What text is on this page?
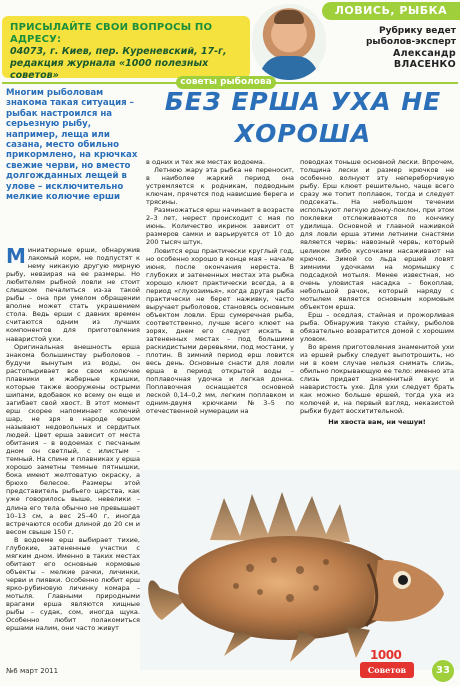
ЛОВИСЬ, РЫБКА
ПРИСЫЛАЙТЕ СВОИ ВОПРОСЫ ПО АДРЕСУ:
04073, г. Киев, пер. Куреневский, 17-г, редакция журнала «1000 полезных советов»
Рубрику ведет рыболов-эксперт
Александр ВЛАСЕНКО
советы рыболова
Многим рыболовам знакома такая ситуация – рыбак настроился на серьезную рыбу, например, леща или сазана, место обильно прикормлено, на крючках свежие черви, но вместо долгожданных лещей в улове – исключительно мелкие колючие ерши
БЕЗ ЕРША УХА НЕ ХОРОША

Миниатюрные ерши, обнаружив лакомый корм, не подпустят к нему никакую другую мирную рыбу, невзирая на ее размеры. Но любителям рыбной ловли не стоит слишком печалиться из-за такой рыбы – она при умелом обращении вполне может стать украшением стола. Ведь ерши с давних времен считаются одним из лучших компонентов для приготовления наваристой ухи.

Оригинальная внешность ерша знакома большинству рыболовов – будучи вынутым из воды, он растопыривает все свои колючие плавники и жаберные крышки, которые также вооружены острыми шипами, вдобавок ко всему он еще и загибает свой хвост. В этот момент ерш скорее напоминает колючий шар, не зря в народе ершом называют недовольных и сердитых людей. Цвет ерша зависит от места обитания – в водоемах с песчаным дном он светлый, с илистым – темный. На спине и плавниках у ерша хорошо заметны темные пятнышки, бока имеют желтоватую окраску, а брюхо белесое. Размеры этой представитель рыбьего царства, как уже говорилось выше, невелики – длина его тела обычно не превышает 10–13 см, а вес 25–40 г, иногда встречаются особи длиной до 20 см и весом свыше 150 г.

В водоеме ерш выбирает тихие, глубокие, затененные участки с мягким дном. Именно в таких местах обитают его основные кормовые объекты – мелкие рачки, личинки, черви и пиявки. Особенно любит ерш ярко-рубиновую личинку комара – мотыля. Главными природными врагами ерша являются хищные рыбы – судак, сом, иногда щука. Особенно любит полакомиться ершами налим, они часто живут

в одних и тех же местах водоема.

Летнюю жару эта рыбка не переносит, в наиболее жаркий период она устремляется к родникам, подводным ключам, прячется под нависшие берега и трясины.

Размножаться ерш начинает в возрасте 2–3 лет, нерест происходит с мая по июнь. Количество икринок зависит от размеров самки и варьируется от 10 до 200 тысяч штук.

Ловится ерш практически круглый год, но особенно хорошо в конце мая – начале июня, после окончания нереста. В глубоких и затененных местах эта рыбка хорошо клюет практически всегда, а в период «глухозимья», когда другая рыба практически не берет наживку, часто выручает рыболовов, становясь основным объектом ловли. Ерш сумеречная рыба, соответственно, лучше всего клюет на зорях, днем его следует искать в затененных местах – под большими раскидистыми деревьями, под мостами, у плотин. В зимний период ерш ловится весь день. Основные снасти для ловли ерша в период открытой воды – поплавочная удочка и легкая донка. Поплавочная оснащается основной леской 0,14–0,2 мм, легким поплавком и одним-двумя крючками №3–5 по отечественной нумерации на

поводках тоньше основной лески. Впрочем, толщина лески и размер крючков не особенно волнуют эту непереборчивую рыбу. Ерш клюет решительно, чаще всего сразу же топит поплавок, тогда и следует подсекать. На небольшом течении используют легкую донку-поклон, при этом поклевки отслеживаются по кончику удилища. Основной и главной наживкой для ловли ерша этими летними снастями является червь: навозный червь, который целиком либо кусочками насаживают на крючок. Зимой со льда ершей ловят зимними удочками на мормышку с подсадкой мотыля. Менее известная, но очень уловистая насадка – бокоплав, небольшой рачок, который наряду с мотылем является основным кормовым объектом ерша.

Ерш – оседлая, стайная и прожорливая рыба. Обнаружив такую стайку, рыболов обязательно возвратится домой с хорошим уловом.

Во время приготовления знаменитой ухи из ершей рыбку следует выпотрошить, но ни в коем случае нельзя снимать слизь, обильно покрывающую ее тело: именно эта слизь придает знаменитый вкус и наваристость ухе. Для ухи следует брать как можно больше ершей, тогда уха из колючей и, на первый взгляд, неказистой рыбки будет восхитительной.

Ни хвоста вам, ни чешуи!
№6 март 2011
1000
Советов	33
